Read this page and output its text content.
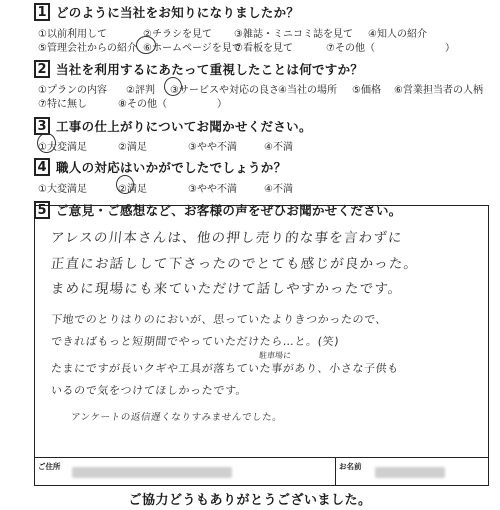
1 どのように当社をお知りになりましたか？
①以前利用して	②チラシを見て ③雑誌・ミニコミ誌を見て ④知人の紹介
⑤管理会社からの紹介 ⑥ホームページを見て
⑦看板を見て	⑦その他（　　　　　　　）
2 当社を利用するにあたって重視したことは何ですか？
①プランの内容 ②評判 ③サービスや対応の良さ ④当社の場所 ⑤価格 ⑥営業担当者の人柄
⑦特に無し	⑧その他（　　　　　）
3 工事の仕上がりについてお聞かせください。
①大変満足	②満足	③やや不満	④不満
4 職人の対応はいかがでしたでしょうか？
①大変満足	②満足	③やや不満	④不満
5 ご意見・ご感想など、お客様の声をぜひお聞かせください。
アレスの川本さんは、他の押し売り的な事を言わずに
正直にお話しして下さったのでとても感じが良かった。
まめに現場にも来ていただけて話しやすかったです。
下地でのとりはりのにおいが、思っていたよりきつかったので、
できればもっと短期間でやっていただけたら…と。(笑)
駐車場に
たまにですが長いクギや工具が落ちていた事があり、小さな子供も
いるので気をつけてほしかったです。
アンケートの返信遅くなりすみませんでした。
ご住所	お名前
ご協力どうもありがとうございました。
